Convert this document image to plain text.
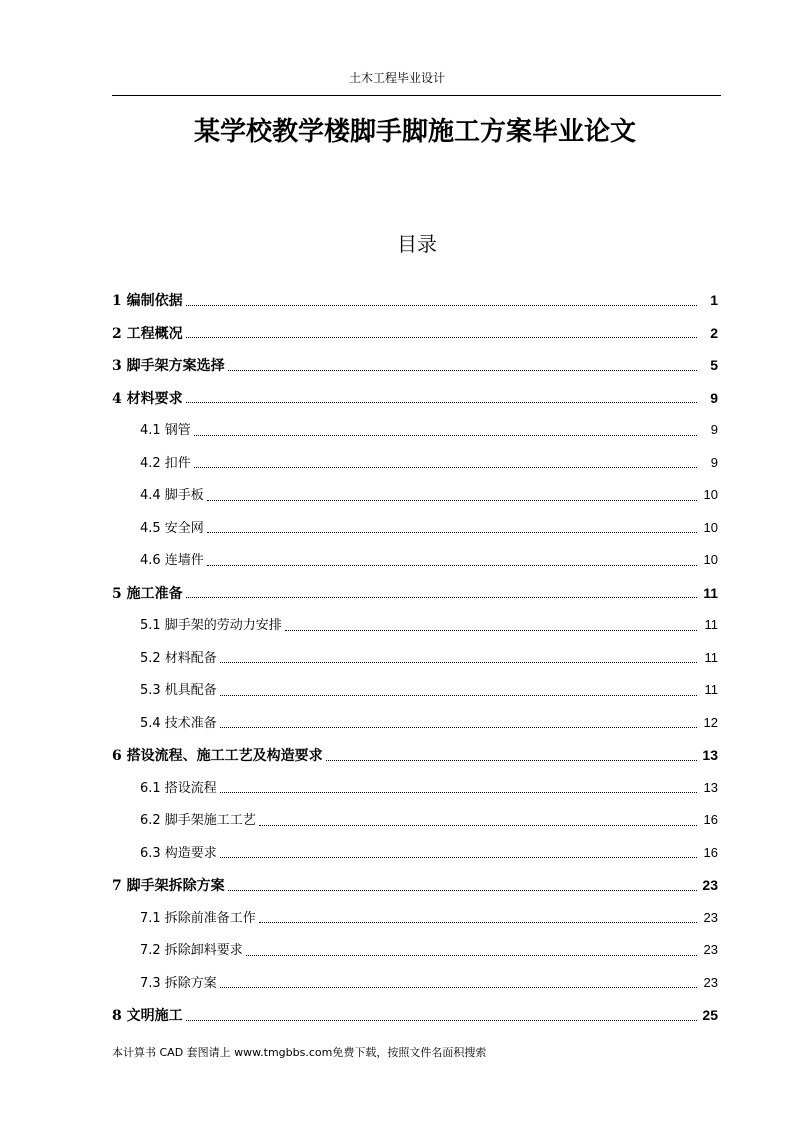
土木工程毕业设计
某学校教学楼脚手脚施工方案毕业论文
目录
1 编制依据	1
2 工程概况	2
3 脚手架方案选择	5
4 材料要求	9
4.1 钢管	9
4.2 扣件	9
4.4 脚手板	10
4.5 安全网	10
4.6 连墙件	10
5 施工准备	11
5.1 脚手架的劳动力安排	11
5.2 材料配备	11
5.3 机具配备	11
5.4 技术准备	12
6 搭设流程、施工工艺及构造要求	13
6.1 搭设流程	13
6.2 脚手架施工工艺	16
6.3 构造要求	16
7 脚手架拆除方案	23
7.1 拆除前准备工作	23
7.2 拆除卸料要求	23
7.3 拆除方案	23
8 文明施工	25
本计算书 CAD 套图请上 www.tmgbbs.com免费下载，按照文件名面积搜索
